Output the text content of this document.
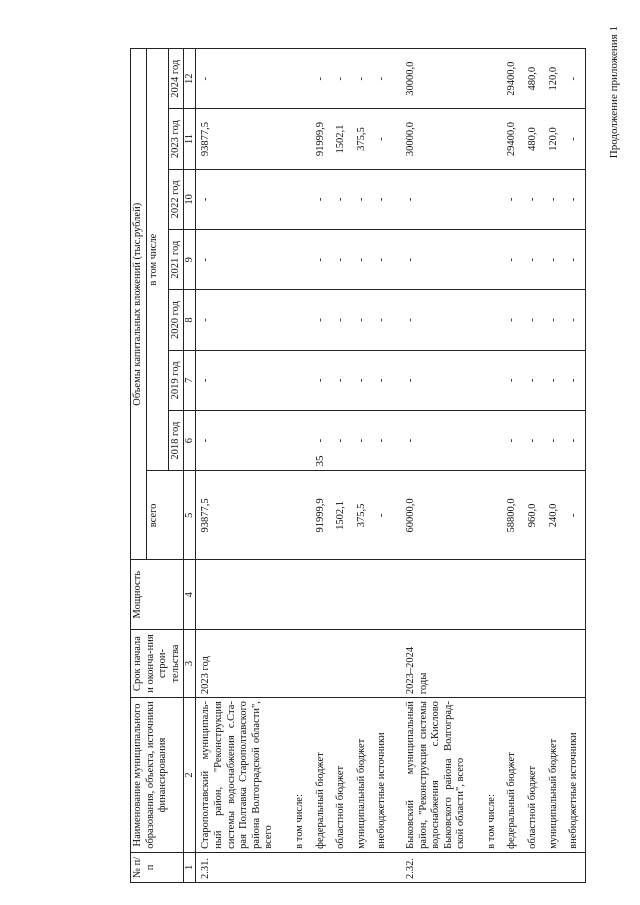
35
Продолжение приложения 1
№ п/п	Наименование муниципального образования, объекта, источники финансирования	Срок начала и оконча-ния строи-тельства	Мощность	Объемы капитальных вложений (тыс.рублей)							
				всего	в том числе						
					2018 год	2019 год	2020 год	2021 год	2022 год	2023 год	2024 год
1	2	3	4	5	6	7	8	9	10	11	12
2.31.	Старополтавский муниципаль-ный район, "Реконструкция системы водоснабжения с.Ста-рая Полтавка Старополтавского района Волгоградской области", всего	2023 год		93877,5	-	-	-	-	-	93877,5	-
	в том числе:										
	федеральный бюджет			91999,9	-	-	-	-	-	91999,9	-
	областной бюджет			1502,1	-	-	-	-	-	1502,1	-
	муниципальный бюджет			375,5	-	-	-	-	-	375,5	-
	внебюджетные источники			-	-	-	-	-	-	-	-
2.32.	Быковский муниципальный район, "Реконструкция системы водоснабжения с.Кислово Быковского района Волгоград-ской области", всего	2023–2024 годы		60000,0	-	-	-	-	-	30000,0	30000,0
	в том числе:										
	федеральный бюджет			58800,0	-	-	-	-	-	29400,0	29400,0
	областной бюджет			960,0	-	-	-	-	-	480,0	480,0
	муниципальный бюджет			240,0	-	-	-	-	-	120,0	120,0
	внебюджетные источники			-	-	-	-	-	-	-	-
